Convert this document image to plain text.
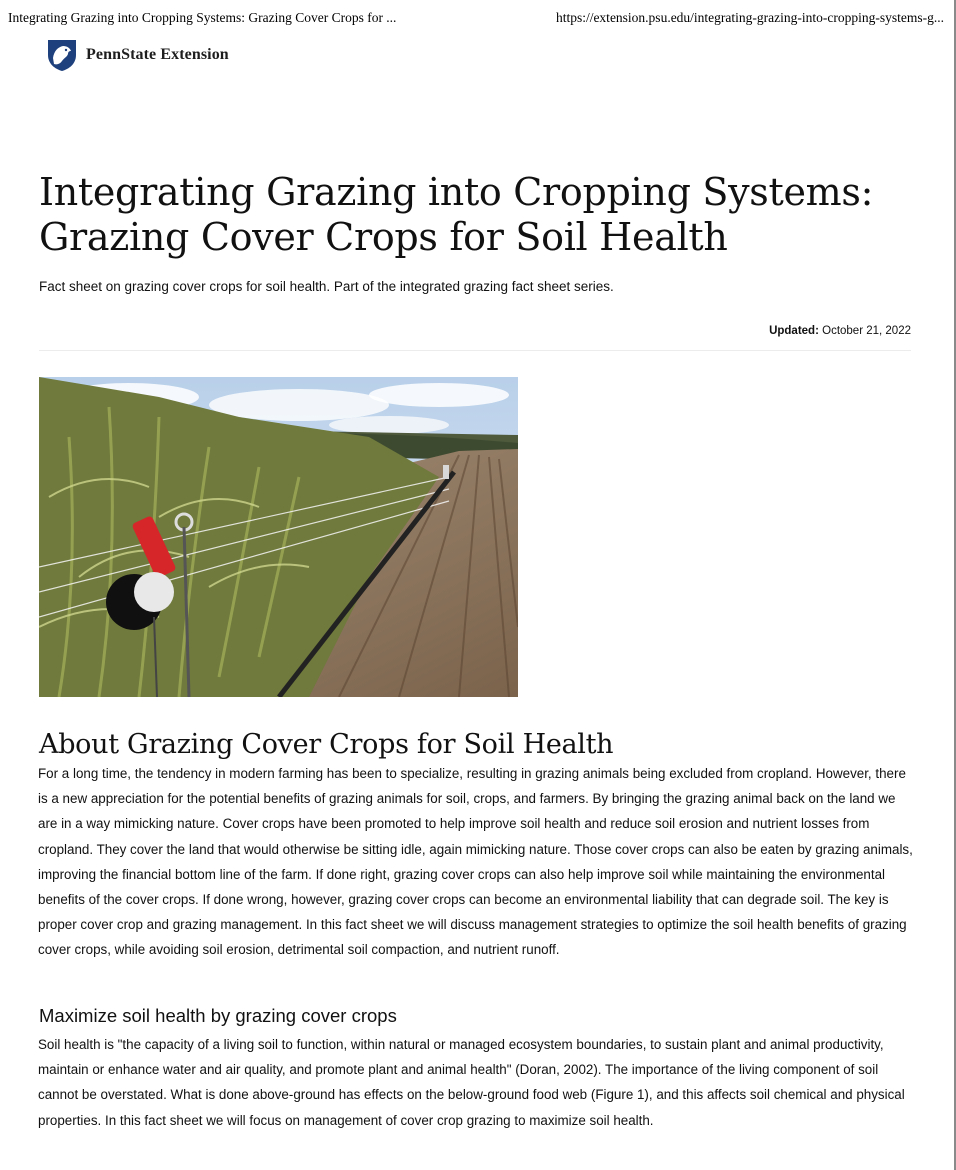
Integrating Grazing into Cropping Systems: Grazing Cover Crops for ...	https://extension.psu.edu/integrating-grazing-into-cropping-systems-g...
PennState Extension
Integrating Grazing into Cropping Systems: Grazing Cover Crops for Soil Health

Fact sheet on grazing cover crops for soil health. Part of the integrated grazing fact sheet series.

Updated: October 21, 2022
About Grazing Cover Crops for Soil Health

For a long time, the tendency in modern farming has been to specialize, resulting in grazing animals being excluded from cropland. However, there is a new appreciation for the potential benefits of grazing animals for soil, crops, and farmers. By bringing the grazing animal back on the land we are in a way mimicking nature. Cover crops have been promoted to help improve soil health and reduce soil erosion and nutrient losses from cropland. They cover the land that would otherwise be sitting idle, again mimicking nature. Those cover crops can also be eaten by grazing animals, improving the financial bottom line of the farm. If done right, grazing cover crops can also help improve soil while maintaining the environmental benefits of the cover crops. If done wrong, however, grazing cover crops can become an environmental liability that can degrade soil. The key is proper cover crop and grazing management. In this fact sheet we will discuss management strategies to optimize the soil health benefits of grazing cover crops, while avoiding soil erosion, detrimental soil compaction, and nutrient runoff.

Maximize soil health by grazing cover crops

Soil health is "the capacity of a living soil to function, within natural or managed ecosystem boundaries, to sustain plant and animal productivity, maintain or enhance water and air quality, and promote plant and animal health" (Doran, 2002). The importance of the living component of soil cannot be overstated. What is done above-ground has effects on the below-ground food web (Figure 1), and this affects soil chemical and physical properties. In this fact sheet we will focus on management of cover crop grazing to maximize soil health.
